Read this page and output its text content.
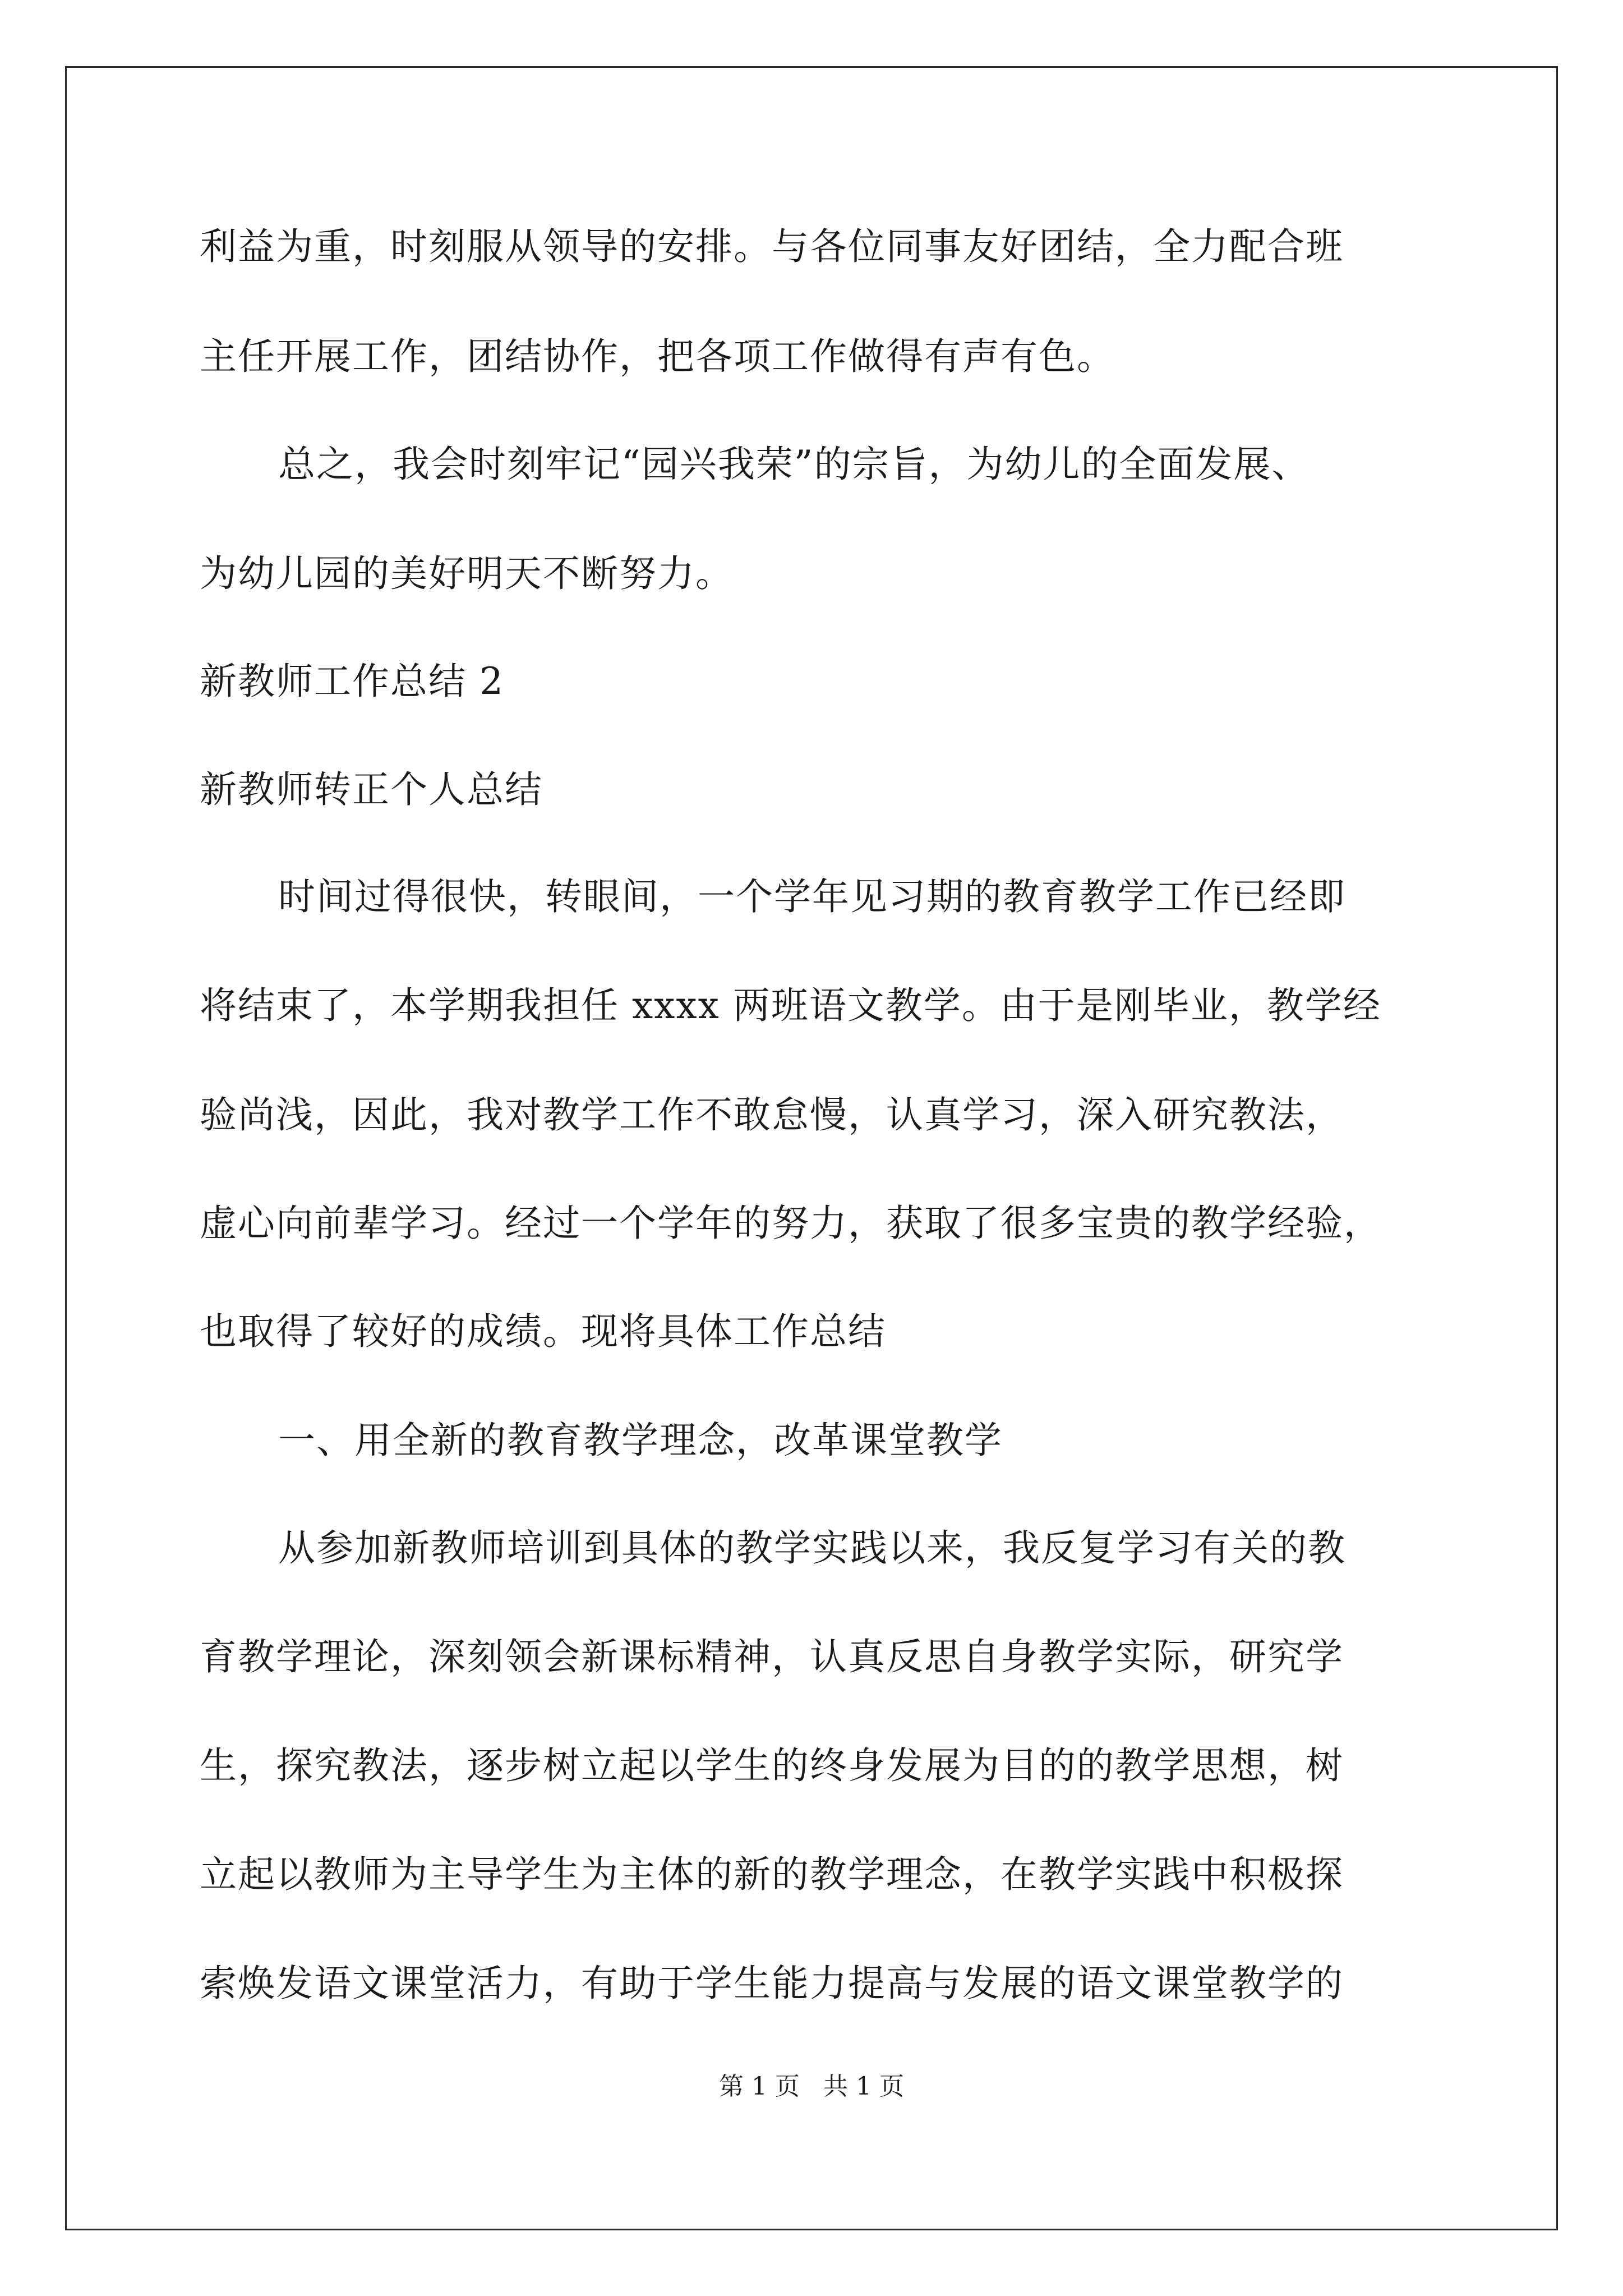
利益为重，时刻服从领导的安排。与各位同事友好团结，全力配合班
主任开展工作，团结协作，把各项工作做得有声有色。
总之，我会时刻牢记“园兴我荣”的宗旨，为幼儿的全面发展、
为幼儿园的美好明天不断努力。
新教师工作总结 2
新教师转正个人总结
时间过得很快，转眼间，一个学年见习期的教育教学工作已经即
将结束了，本学期我担任 xxxx 两班语文教学。由于是刚毕业，教学经
验尚浅，因此，我对教学工作不敢怠慢，认真学习，深入研究教法，
虚心向前辈学习。经过一个学年的努力，获取了很多宝贵的教学经验，
也取得了较好的成绩。现将具体工作总结
一、用全新的教育教学理念，改革课堂教学
从参加新教师培训到具体的教学实践以来，我反复学习有关的教
育教学理论，深刻领会新课标精神，认真反思自身教学实际，研究学
生，探究教法，逐步树立起以学生的终身发展为目的的教学思想，树
立起以教师为主导学生为主体的新的教学理念，在教学实践中积极探
索焕发语文课堂活力，有助于学生能力提高与发展的语文课堂教学的
第 1 页   共 1 页
